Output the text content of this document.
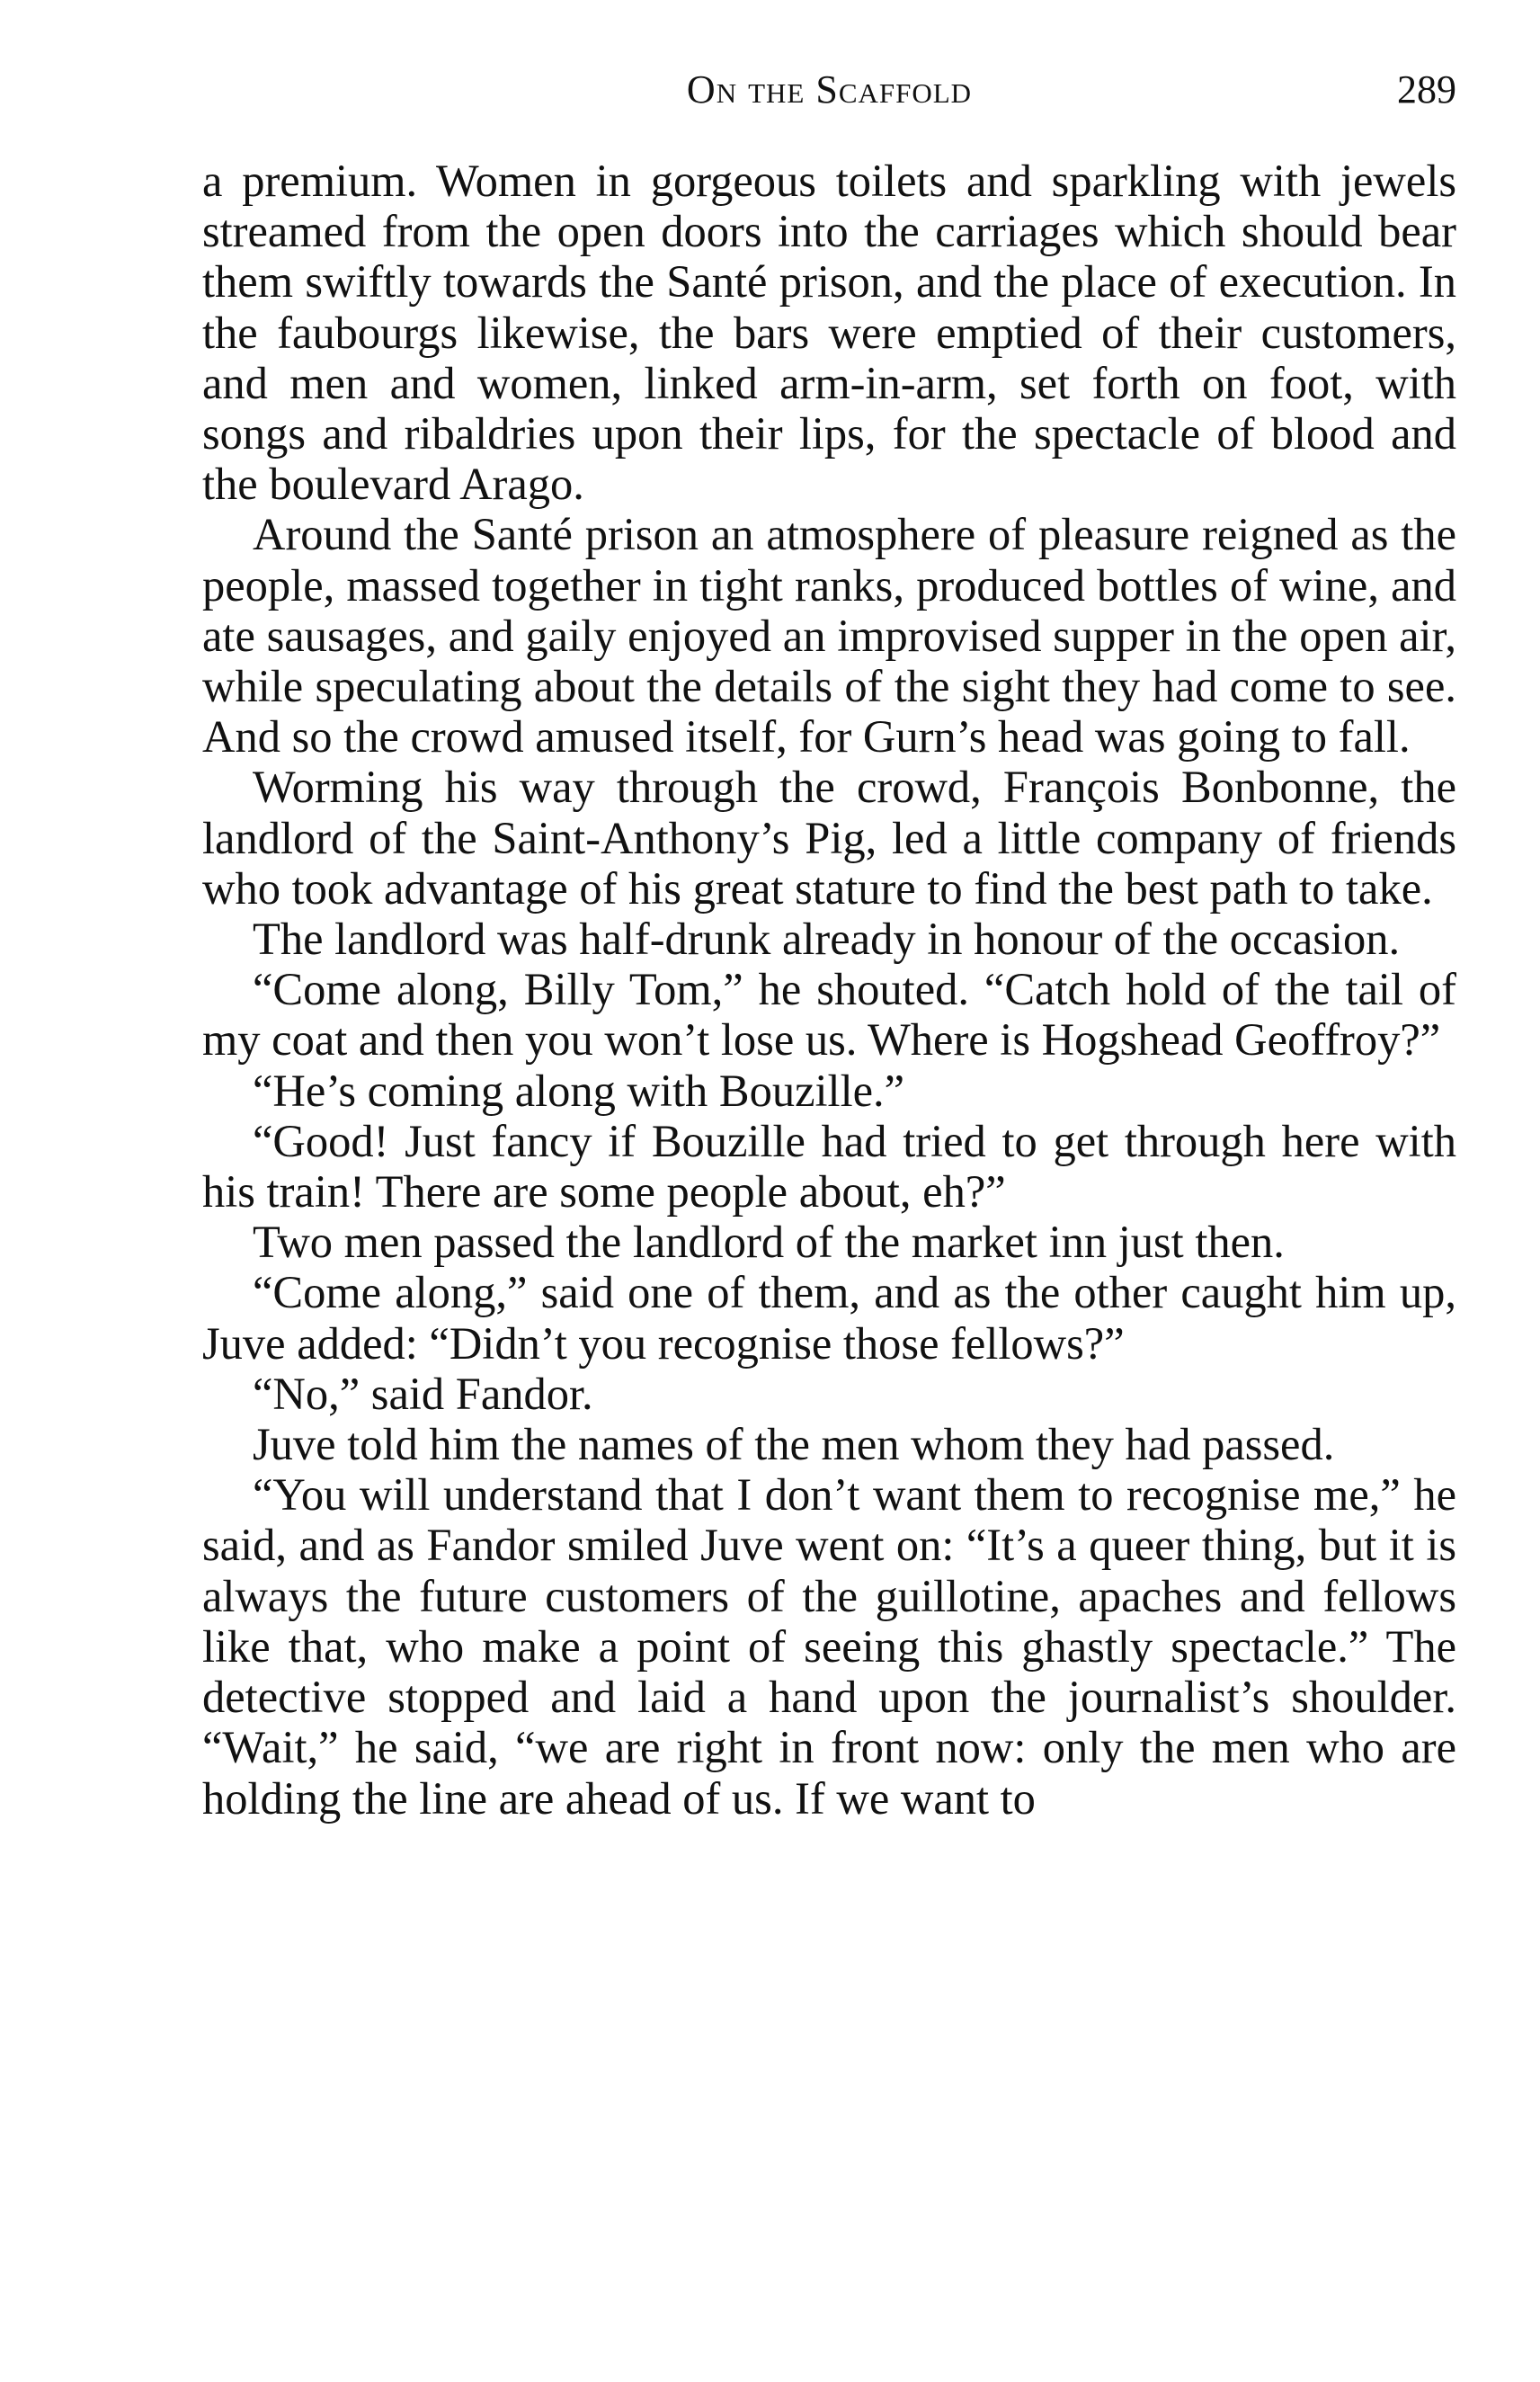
On the Scaffold	289

a premium. Women in gorgeous toilets and sparkling with jewels streamed from the open doors into the carriages which should bear them swiftly towards the Santé prison, and the place of execution. In the faubourgs likewise, the bars were emptied of their customers, and men and women, linked arm-in-arm, set forth on foot, with songs and ribaldries upon their lips, for the spectacle of blood and the boulevard Arago.

Around the Santé prison an atmosphere of pleasure reigned as the people, massed together in tight ranks, produced bottles of wine, and ate sausages, and gaily enjoyed an improvised supper in the open air, while speculating about the details of the sight they had come to see. And so the crowd amused itself, for Gurn’s head was going to fall.

Worming his way through the crowd, François Bonbonne, the landlord of the Saint-Anthony’s Pig, led a little company of friends who took advantage of his great stature to find the best path to take.

The landlord was half-drunk already in honour of the occasion.

“Come along, Billy Tom,” he shouted. “Catch hold of the tail of my coat and then you won’t lose us. Where is Hogshead Geoffroy?”

“He’s coming along with Bouzille.”

“Good! Just fancy if Bouzille had tried to get through here with his train! There are some people about, eh?”

Two men passed the landlord of the market inn just then.

“Come along,” said one of them, and as the other caught him up, Juve added: “Didn’t you recognise those fellows?”

“No,” said Fandor.

Juve told him the names of the men whom they had passed.

“You will understand that I don’t want them to recognise me,” he said, and as Fandor smiled Juve went on: “It’s a queer thing, but it is always the future customers of the guillotine, apaches and fellows like that, who make a point of seeing this ghastly spectacle.” The detective stopped and laid a hand upon the journalist’s shoulder. “Wait,” he said, “we are right in front now: only the men who are holding the line are ahead of us. If we want to
